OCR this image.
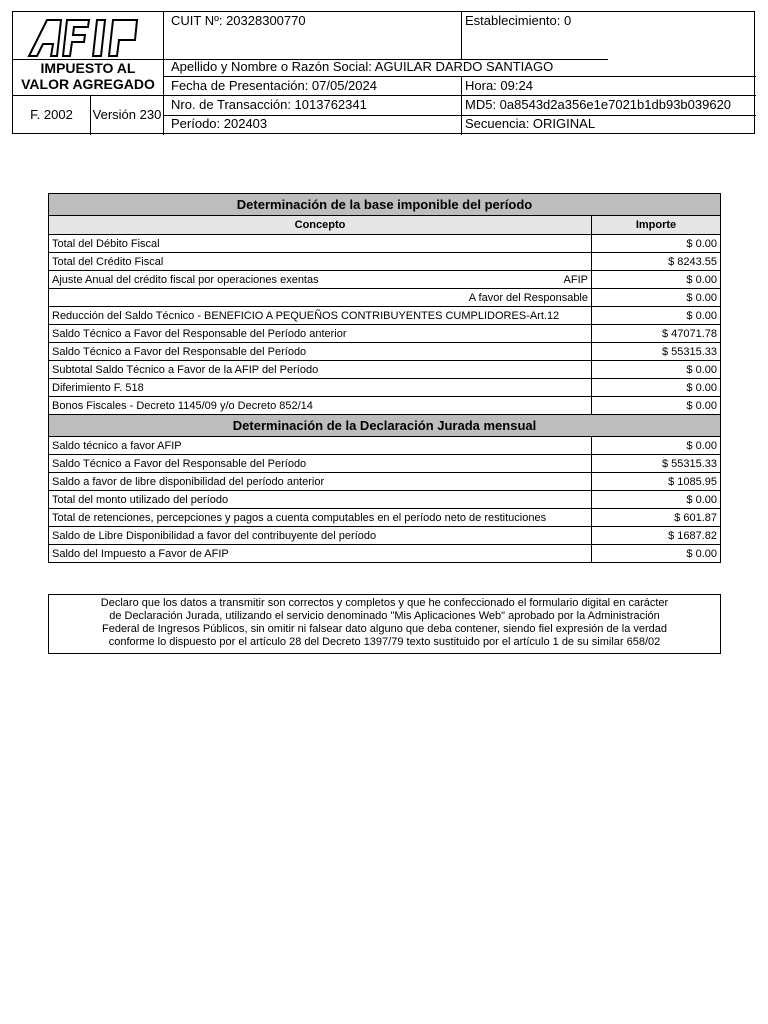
IMPUESTO AL
VALOR AGREGADO
F. 2002	Versión 230
CUIT Nº: 20328300770	Establecimiento: 0
Apellido y Nombre o Razón Social: AGUILAR DARDO SANTIAGO
Fecha de Presentación: 07/05/2024	Hora: 09:24
Nro. de Transacción: 1013762341	MD5: 0a8543d2a356e1e7021b1db93b039620
Período: 202403	Secuencia: ORIGINAL
Determinación de la base imponible del período	
Concepto	Importe
Total del Débito Fiscal	$ 0.00
Total del Crédito Fiscal	$ 8243.55

Ajuste Anual del crédito fiscal por operaciones exentas AFIP	$ 0.00
A favor del Responsable	$ 0.00
Reducción del Saldo Técnico - BENEFICIO A PEQUEÑOS CONTRIBUYENTES CUMPLIDORES-Art.12	$ 0.00
Saldo Técnico a Favor del Responsable del Período anterior	$ 47071.78
Saldo Técnico a Favor del Responsable del Período	$ 55315.33
Subtotal Saldo Técnico a Favor de la AFIP del Período	$ 0.00
Diferimiento F. 518	$ 0.00
Bonos Fiscales - Decreto 1145/09 y/o Decreto 852/14	$ 0.00
Determinación de la Declaración Jurada mensual	
Saldo técnico a favor AFIP	$ 0.00
Saldo Técnico a Favor del Responsable del Período	$ 55315.33
Saldo a favor de libre disponibilidad del período anterior	$ 1085.95
Total del monto utilizado del período	$ 0.00
Total de retenciones, percepciones y pagos a cuenta computables en el período neto de restituciones	$ 601.87
Saldo de Libre Disponibilidad a favor del contribuyente del período	$ 1687.82
Saldo del Impuesto a Favor de AFIP	$ 0.00
Declaro que los datos a transmitir son correctos y completos y que he confeccionado el formulario digital en carácter
de Declaración Jurada, utilizando el servicio denominado "Mis Aplicaciones Web" aprobado por la Administración
Federal de Ingresos Públicos, sin omitir ni falsear dato alguno que deba contener, siendo fiel expresión de la verdad
conforme lo dispuesto por el artículo 28 del Decreto 1397/79 texto sustituido por el artículo 1 de su similar 658/02
